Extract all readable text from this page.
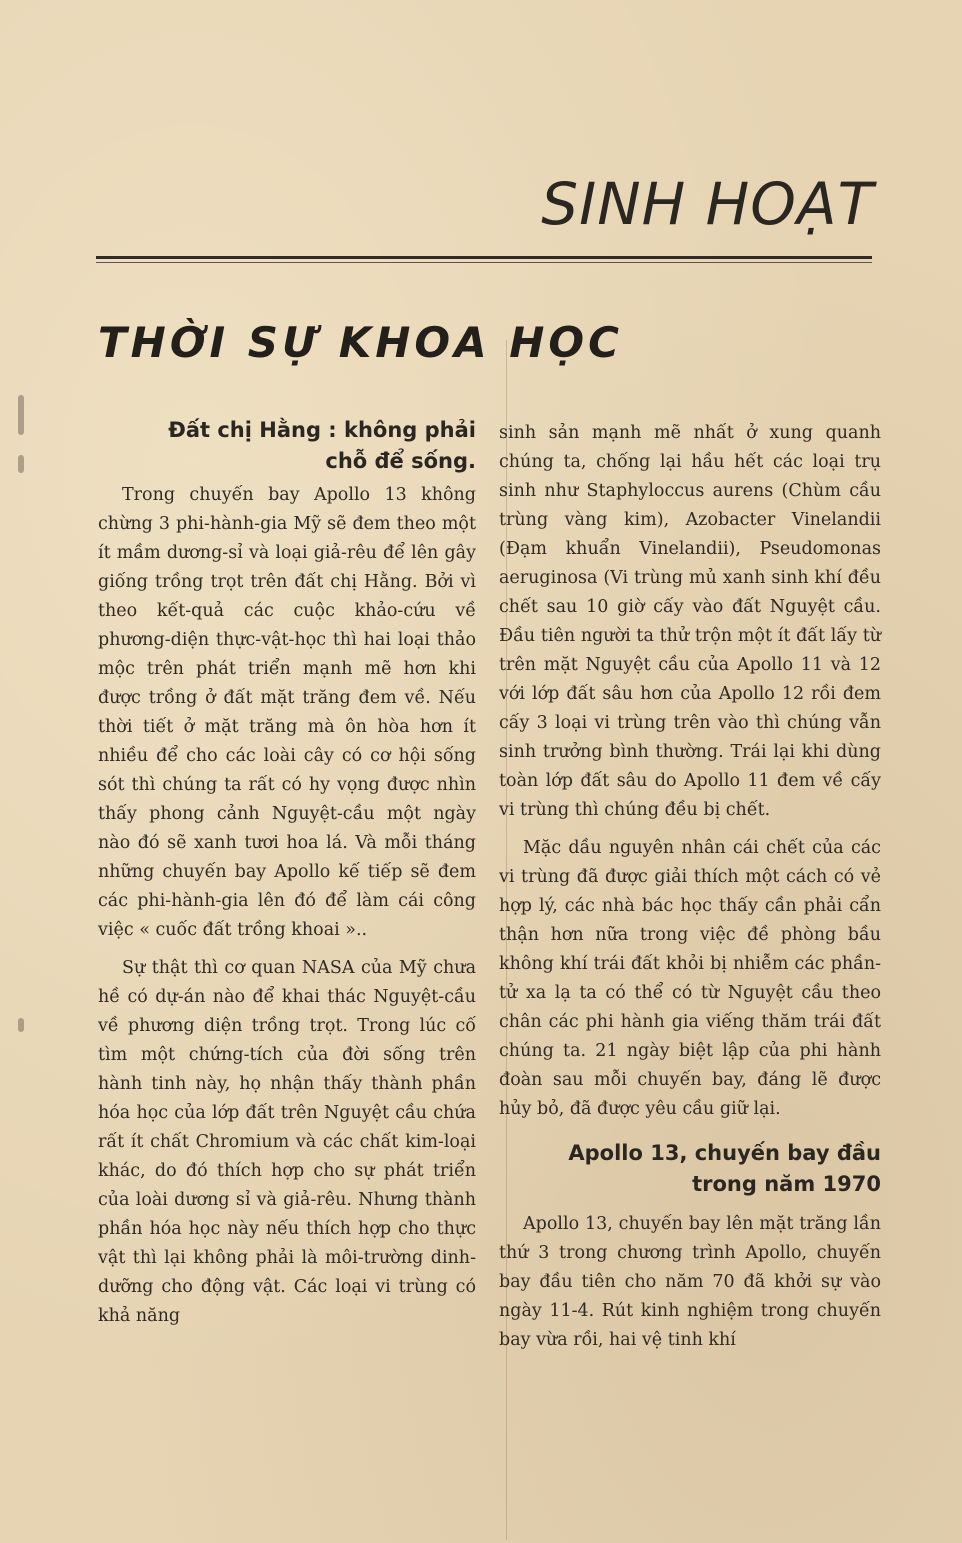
SINH HOẠT
THỜI SỰ KHOA HỌC
Đất chị Hằng : không phải
chỗ để sống.

Trong chuyến bay Apollo 13 không chừng 3 phi-hành-gia Mỹ sẽ đem theo một ít mầm dương-sỉ và loại giả-rêu để lên gây giống trồng trọt trên đất chị Hằng. Bởi vì theo kết-quả các cuộc khảo-cứu về phương-diện thực-vật-học thì hai loại thảo mộc trên phát triển mạnh mẽ hơn khi được trồng ở đất mặt trăng đem về. Nếu thời tiết ở mặt trăng mà ôn hòa hơn ít nhiều để cho các loài cây có cơ hội sống sót thì chúng ta rất có hy vọng được nhìn thấy phong cảnh Nguyệt-cầu một ngày nào đó sẽ xanh tươi hoa lá. Và mỗi tháng những chuyến bay Apollo kế tiếp sẽ đem các phi-hành-gia lên đó để làm cái công việc « cuốc đất trồng khoai »..

Sự thật thì cơ quan NASA của Mỹ chưa hề có dự-án nào để khai thác Nguyệt-cầu về phương diện trồng trọt. Trong lúc cố tìm một chứng-tích của đời sống trên hành tinh này, họ nhận thấy thành phần hóa học của lớp đất trên Nguyệt cầu chứa rất ít chất Chromium và các chất kim-loại khác, do đó thích hợp cho sự phát triển của loài dương sỉ và giả-rêu. Nhưng thành phần hóa học này nếu thích hợp cho thực vật thì lại không phải là môi-trường dinh-dưỡng cho động vật. Các loại vi trùng có khả năng

sinh sản mạnh mẽ nhất ở xung quanh chúng ta, chống lại hầu hết các loại trụ sinh như Staphyloccus aurens (Chùm cầu trùng vàng kim), Azobacter Vinelandii (Đạm khuẩn Vinelandii), Pseudomonas aeruginosa (Vi trùng mủ xanh sinh khí đều chết sau 10 giờ cấy vào đất Nguyệt cầu. Đầu tiên người ta thử trộn một ít đất lấy từ trên mặt Nguyệt cầu của Apollo 11 và 12 với lớp đất sâu hơn của Apollo 12 rồi đem cấy 3 loại vi trùng trên vào thì chúng vẫn sinh trưởng bình thường. Trái lại khi dùng toàn lớp đất sâu do Apollo 11 đem về cấy vi trùng thì chúng đều bị chết.

Mặc dầu nguyên nhân cái chết của các vi trùng đã được giải thích một cách có vẻ hợp lý, các nhà bác học thấy cần phải cẩn thận hơn nữa trong việc đề phòng bầu không khí trái đất khỏi bị nhiễm các phần-tử xa lạ ta có thể có từ Nguyệt cầu theo chân các phi hành gia viếng thăm trái đất chúng ta. 21 ngày biệt lập của phi hành đoàn sau mỗi chuyến bay, đáng lẽ được hủy bỏ, đã được yêu cầu giữ lại.

Apollo 13, chuyến bay đầu
trong năm 1970

Apollo 13, chuyến bay lên mặt trăng lần thứ 3 trong chương trình Apollo, chuyến bay đầu tiên cho năm 70 đã khởi sự vào ngày 11-4. Rút kinh nghiệm trong chuyến bay vừa rồi, hai vệ tinh khí
